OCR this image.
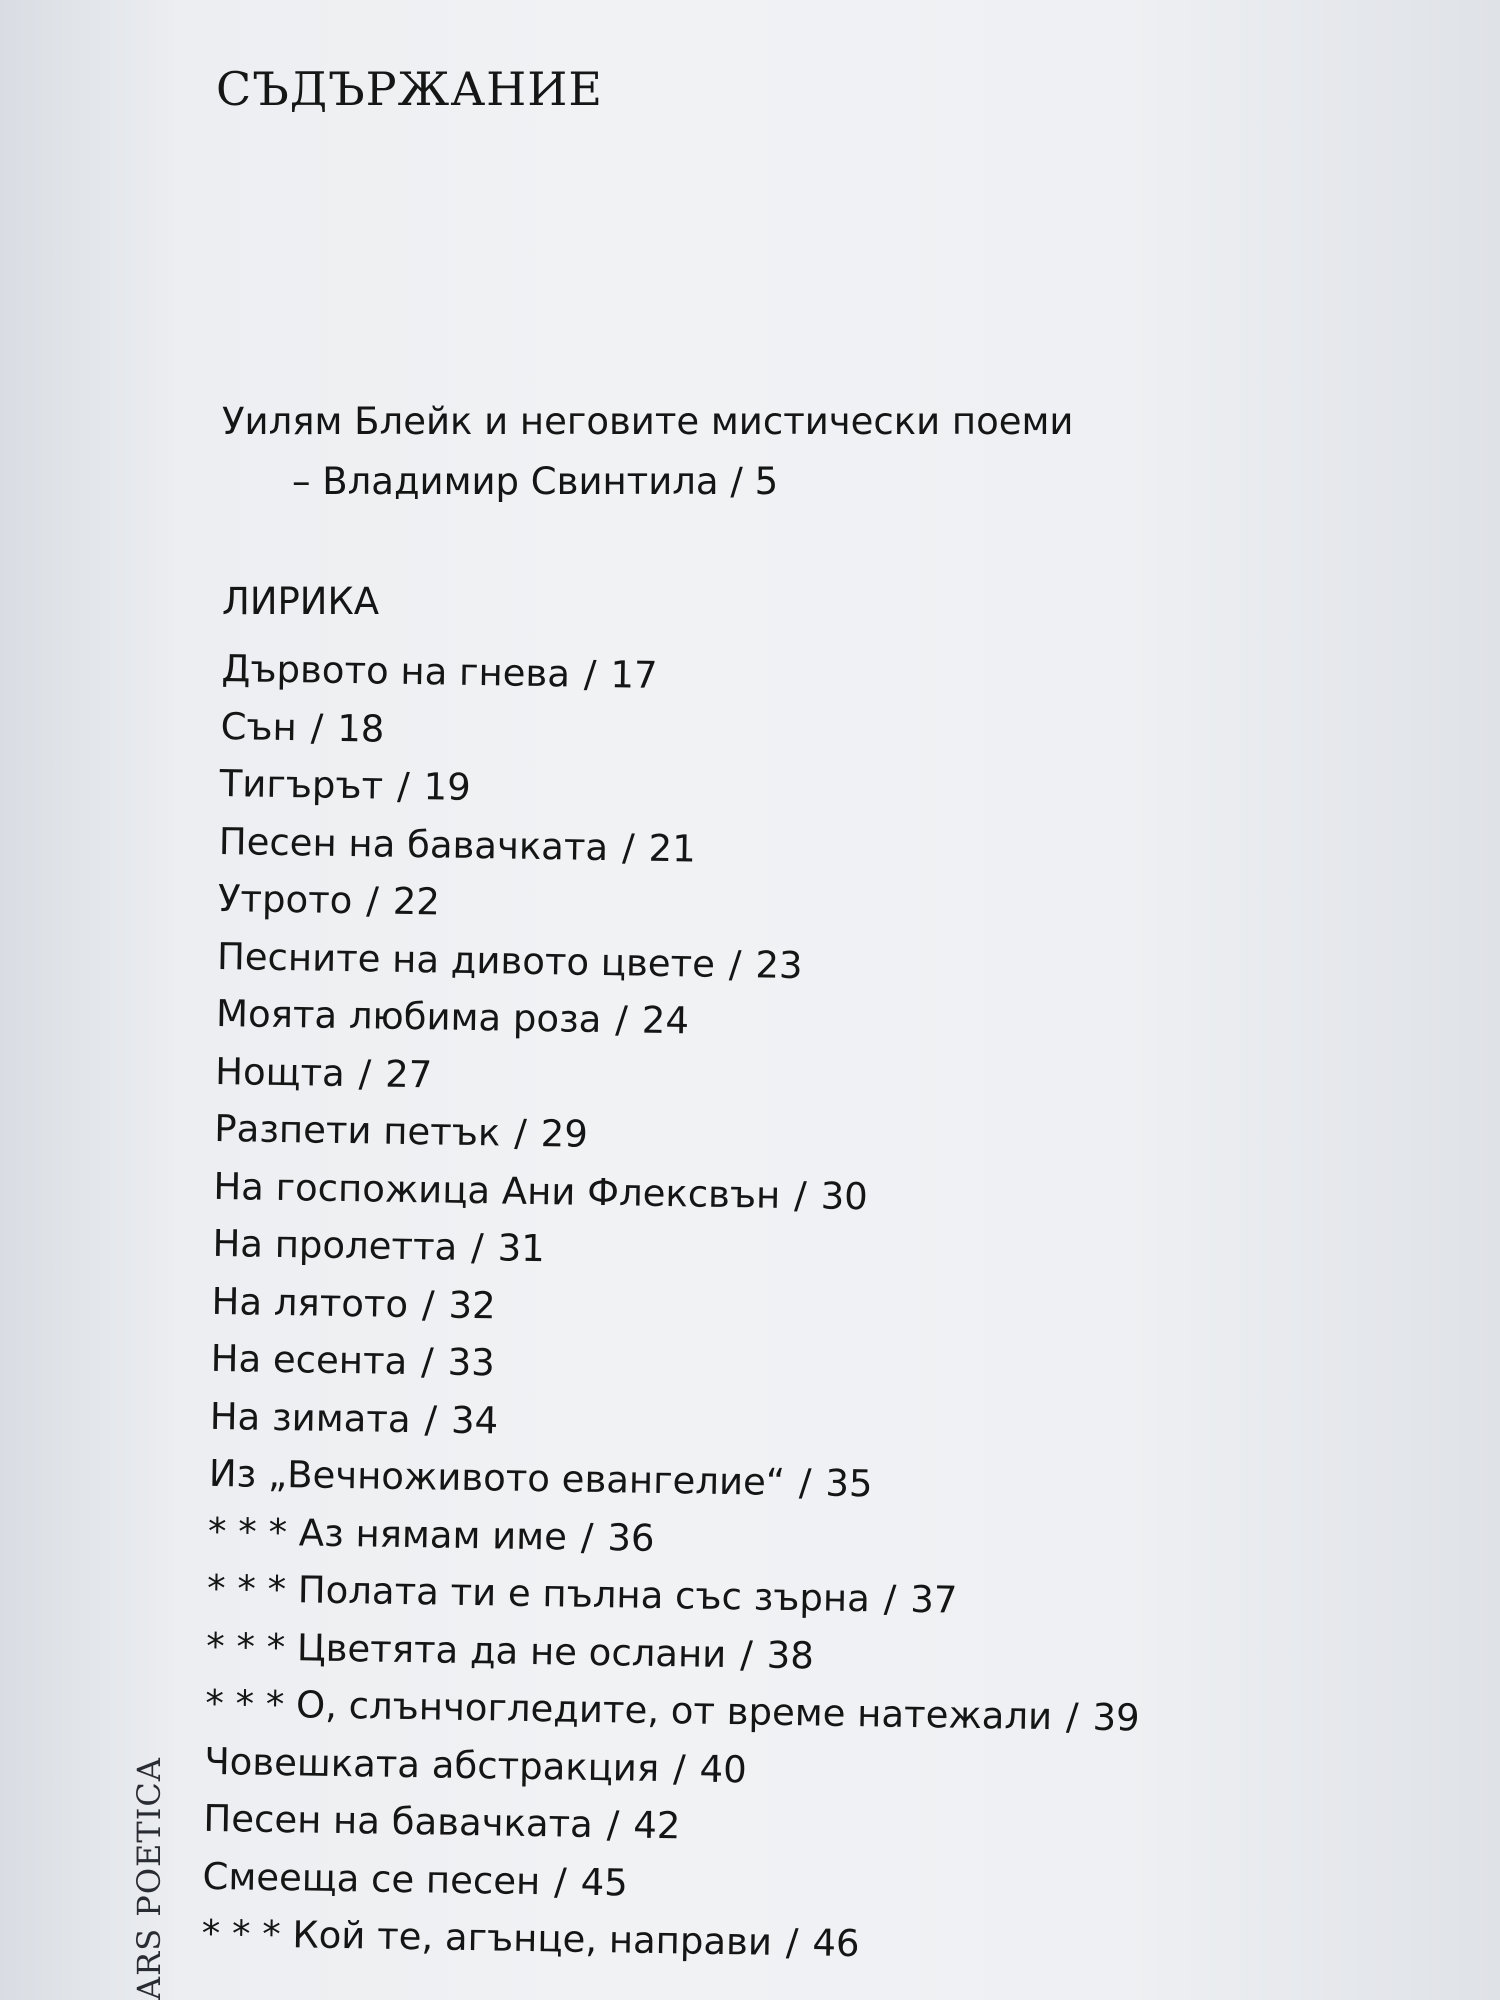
СЪДЪРЖАНИЕ
Уилям Блейк и неговите мистически поеми
– Владимир Свинтила / 5
ЛИРИКА
Дървото на гнева / 17
Сън / 18
Тигърът / 19
Песен на бавачката / 21
Утрото / 22
Песните на дивото цвете / 23
Моята любима роза / 24
Нощта / 27
Разпети петък / 29
На госпожица Ани Флексвън / 30
На пролетта / 31
На лятото / 32
На есента / 33
На зимата / 34
Из „Вечноживото евангелие“ / 35
* * * Аз нямам име / 36
* * * Полата ти е пълна със зърна / 37
* * * Цветята да не ослани / 38
* * * О, слънчогледите, от време натежали / 39
Човешката абстракция / 40
Песен на бавачката / 42
Смееща се песен / 45
* * * Кой те, агънце, направи / 46
ARS POETICA
